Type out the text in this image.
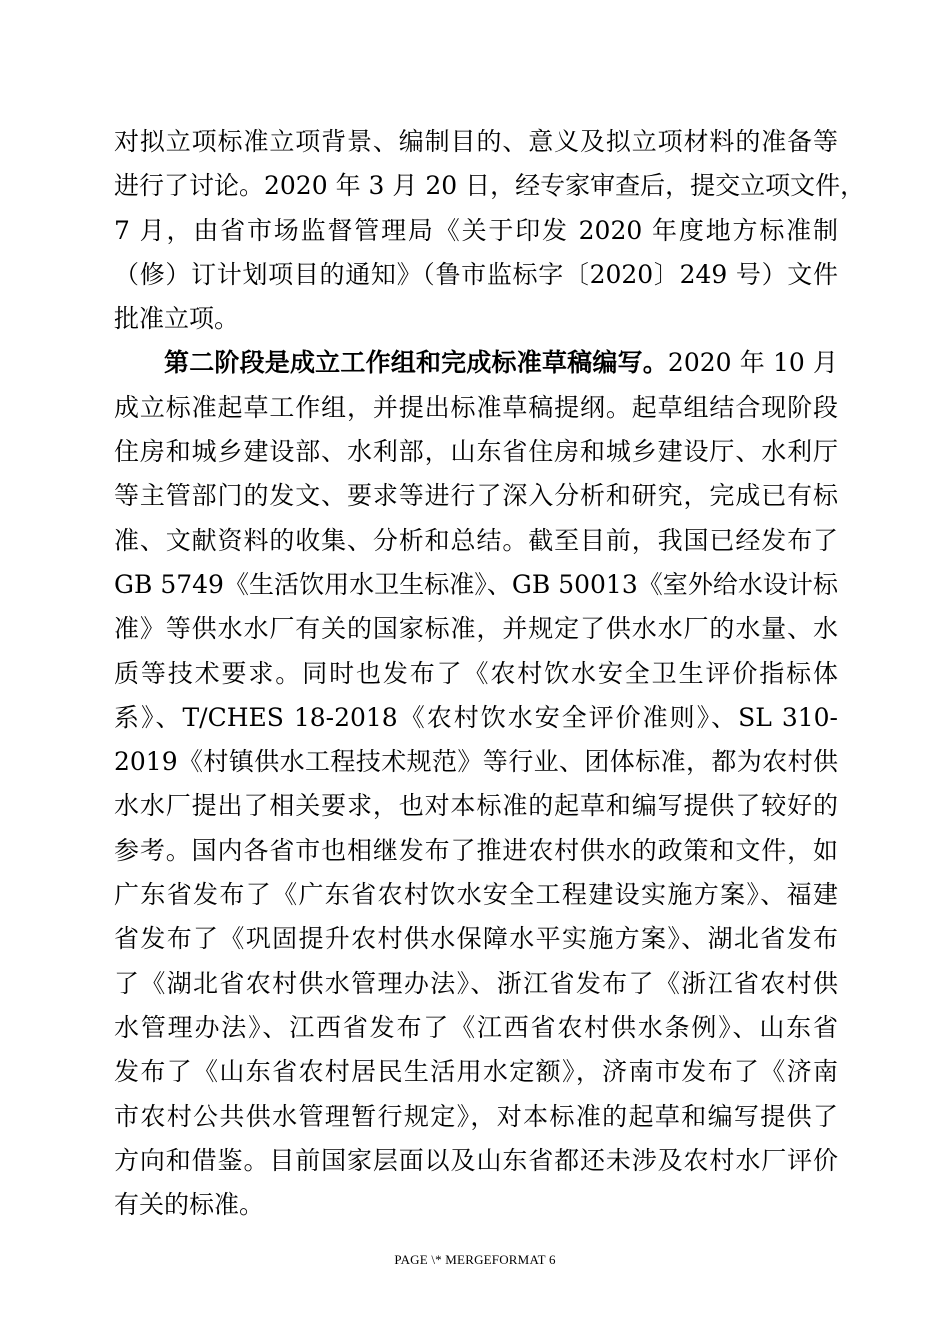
对拟立项标准立项背景、编制目的、意义及拟立项材料的准备等
进行了讨论。2020 年 3 月 20 日，经专家审查后，提交立项文件，
7 月，由省市场监督管理局《关于印发 2020 年度地方标准制
（修）订计划项目的通知》（鲁市监标字〔2020〕249 号）文件
批准立项。
第二阶段是成立工作组和完成标准草稿编写。2020 年 10 月
成立标准起草工作组，并提出标准草稿提纲。起草组结合现阶段
住房和城乡建设部、水利部，山东省住房和城乡建设厅、水利厅
等主管部门的发文、要求等进行了深入分析和研究，完成已有标
准、文献资料的收集、分析和总结。截至目前，我国已经发布了
GB 5749《生活饮用水卫生标准》、GB 50013《室外给水设计标
准》等供水水厂有关的国家标准，并规定了供水水厂的水量、水
质等技术要求。同时也发布了《农村饮水安全卫生评价指标体
系》、T/CHES 18-2018《农村饮水安全评价准则》、SL 310-
2019《村镇供水工程技术规范》等行业、团体标准，都为农村供
水水厂提出了相关要求，也对本标准的起草和编写提供了较好的
参考。国内各省市也相继发布了推进农村供水的政策和文件，如
广东省发布了《广东省农村饮水安全工程建设实施方案》、福建
省发布了《巩固提升农村供水保障水平实施方案》、湖北省发布
了《湖北省农村供水管理办法》、浙江省发布了《浙江省农村供
水管理办法》、江西省发布了《江西省农村供水条例》、山东省
发布了《山东省农村居民生活用水定额》，济南市发布了《济南
市农村公共供水管理暂行规定》，对本标准的起草和编写提供了
方向和借鉴。目前国家层面以及山东省都还未涉及农村水厂评价
有关的标准。
PAGE \* MERGEFORMAT 6
